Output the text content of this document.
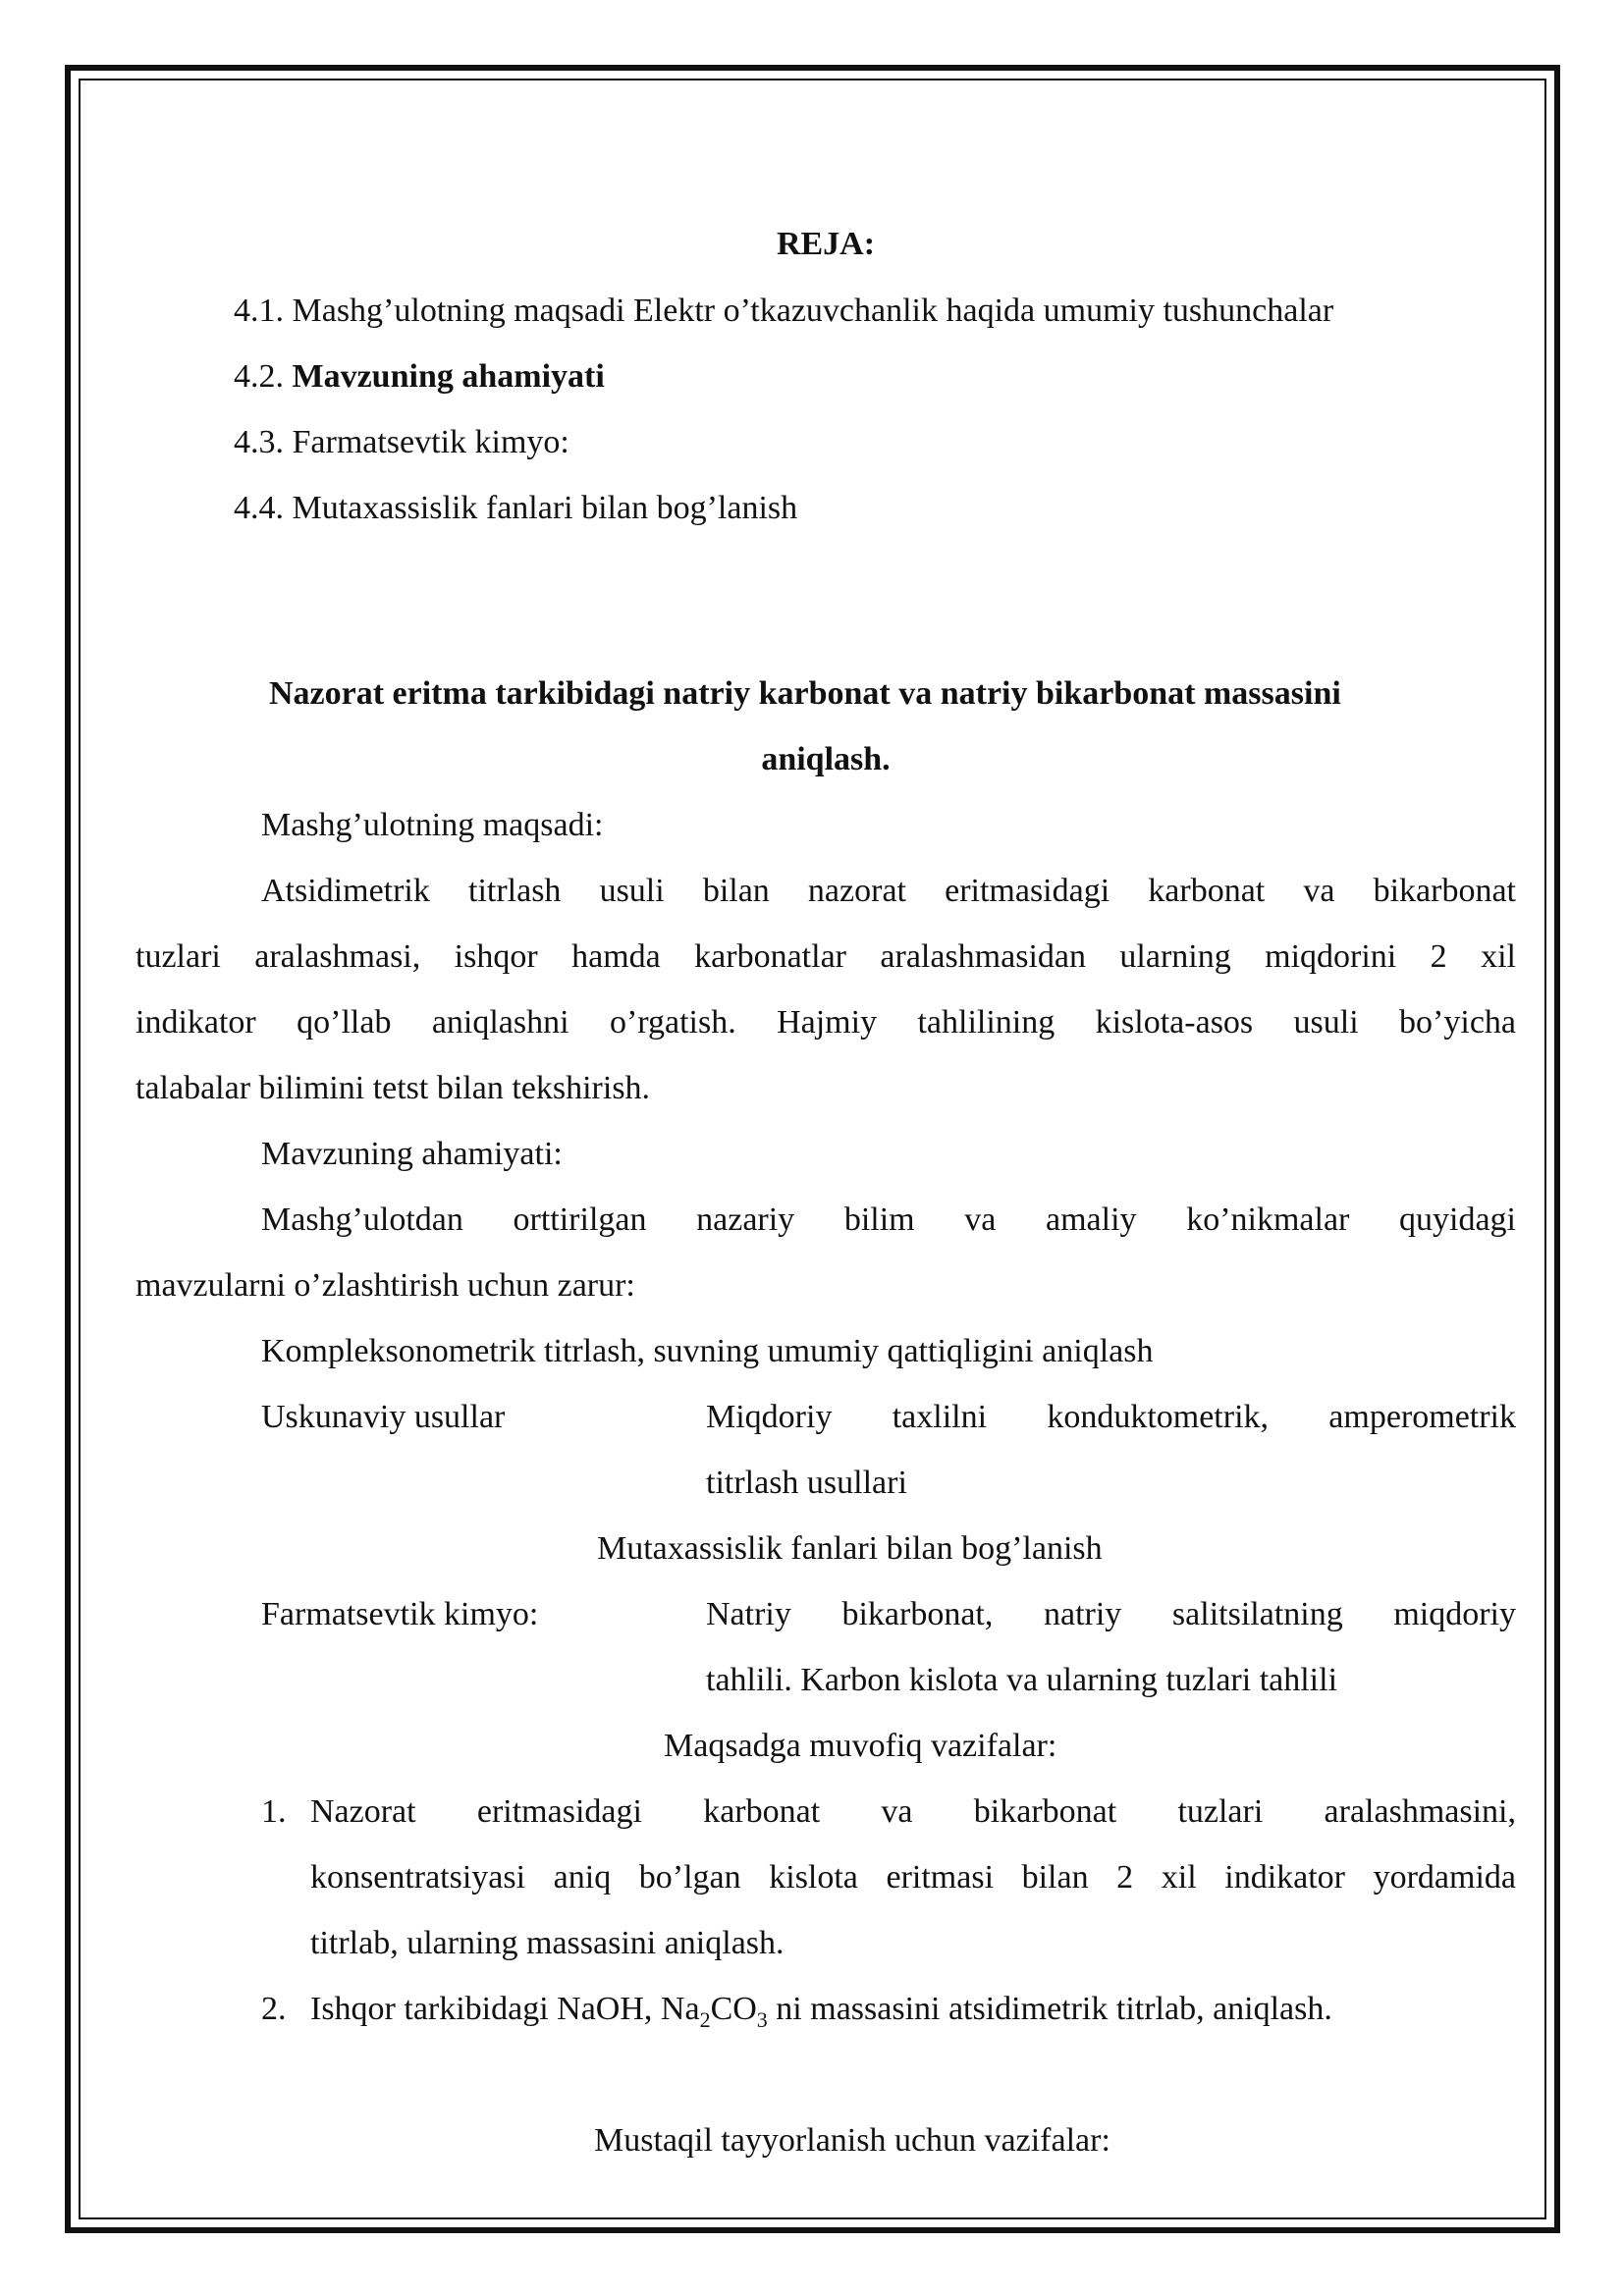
REJA:
4.1. Mashg’ulotning maqsadi Elektr o’tkazuvchanlik haqida umumiy tushunchalar
4.2. Mavzuning ahamiyati
4.3. Farmatsevtik kimyo:
4.4. Mutaxassislik fanlari bilan bog’lanish
Nazorat eritma tarkibidagi natriy karbonat va natriy bikarbonat massasini
aniqlash.
Mashg’ulotning maqsadi:
Atsidimetrik titrlash usuli bilan nazorat eritmasidagi karbonat va bikarbonat
tuzlari aralashmasi, ishqor hamda karbonatlar aralashmasidan ularning miqdorini 2 xil
indikator qo’llab aniqlashni o’rgatish. Hajmiy tahlilining kislota-asos usuli bo’yicha
talabalar bilimini tetst bilan tekshirish.
Mavzuning ahamiyati:
Mashg’ulotdan orttirilgan nazariy bilim va amaliy ko’nikmalar quyidagi
mavzularni o’zlashtirish uchun zarur:
Kompleksonometrik titrlash, suvning umumiy qattiqligini aniqlash
Uskunaviy usullar	Miqdoriy taxlilni konduktometrik, amperometrik
titrlash usullari
Mutaxassislik fanlari bilan bog’lanish
Farmatsevtik kimyo:	Natriy bikarbonat, natriy salitsilatning miqdoriy
tahlili. Karbon kislota va ularning tuzlari tahlili
Maqsadga muvofiq vazifalar:
1. Nazorat eritmasidagi karbonat va bikarbonat tuzlari aralashmasini,
konsentratsiyasi aniq bo’lgan kislota eritmasi bilan 2 xil indikator yordamida
titrlab, ularning massasini aniqlash.
2. Ishqor tarkibidagi NaOH, $Na_2CO_3$ ni massasini atsidimetrik titrlab, aniqlash.
Mustaqil tayyorlanish uchun vazifalar:
